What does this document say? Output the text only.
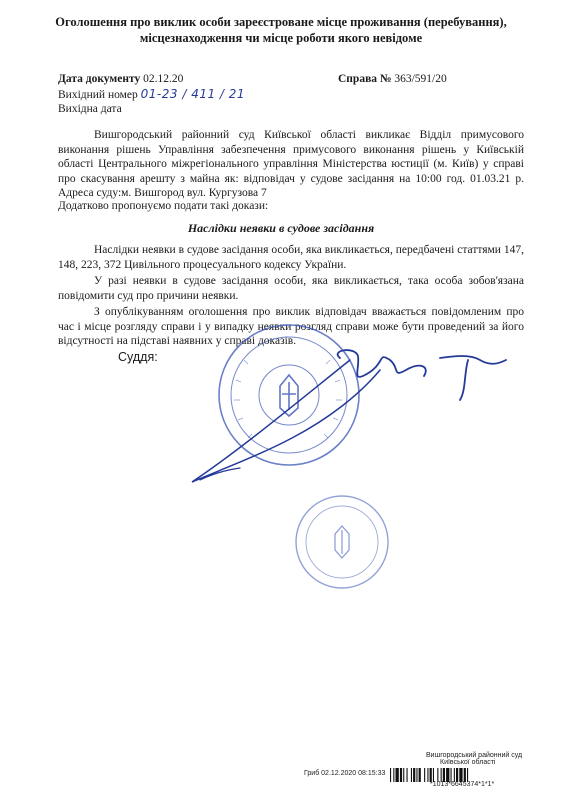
Оголошення про виклик особи зареєстроване місце проживання (перебування),
місцезнаходження чи місце роботи якого невідоме
Дата документу 02.12.20	Справа № 363/591/20
Вихідний номер 01-23 / 411 / 21
Вихідна дата
Вишгородський районний суд Київської області викликає Відділ примусового виконання рішень Управління забезпечення примусового виконання рішень у Київській області Центрального міжрегіонального управління Міністерства юстиції (м. Київ) у справі про скасування арешту з майна як: відповідач у судове засідання на 10:00 год. 01.03.21 р. Адреса суду:м. Вишгород вул. Кургузова 7
Додатково пропонуємо подати такі докази:
Наслідки неявки в судове засідання
Наслідки неявки в судове засідання особи, яка викликається, передбачені статтями 147, 148, 223, 372 Цивільного процесуального кодексу України.
У разі неявки в судове засідання особи, яка викликається, така особа зобов'язана повідомити суд про причини неявки.
З опублікуванням оголошення про виклик відповідач вважається повідомленим про час і місце розгляду справи і у випадку неявки розгляд справи може бути проведений за його відсутності на підставі наявних у справі доказів.
Суддя:
Вишгородський районний суд
Київської області
Гриб 02.12.2020 08:15:33
*1013*6645374*1*1*
